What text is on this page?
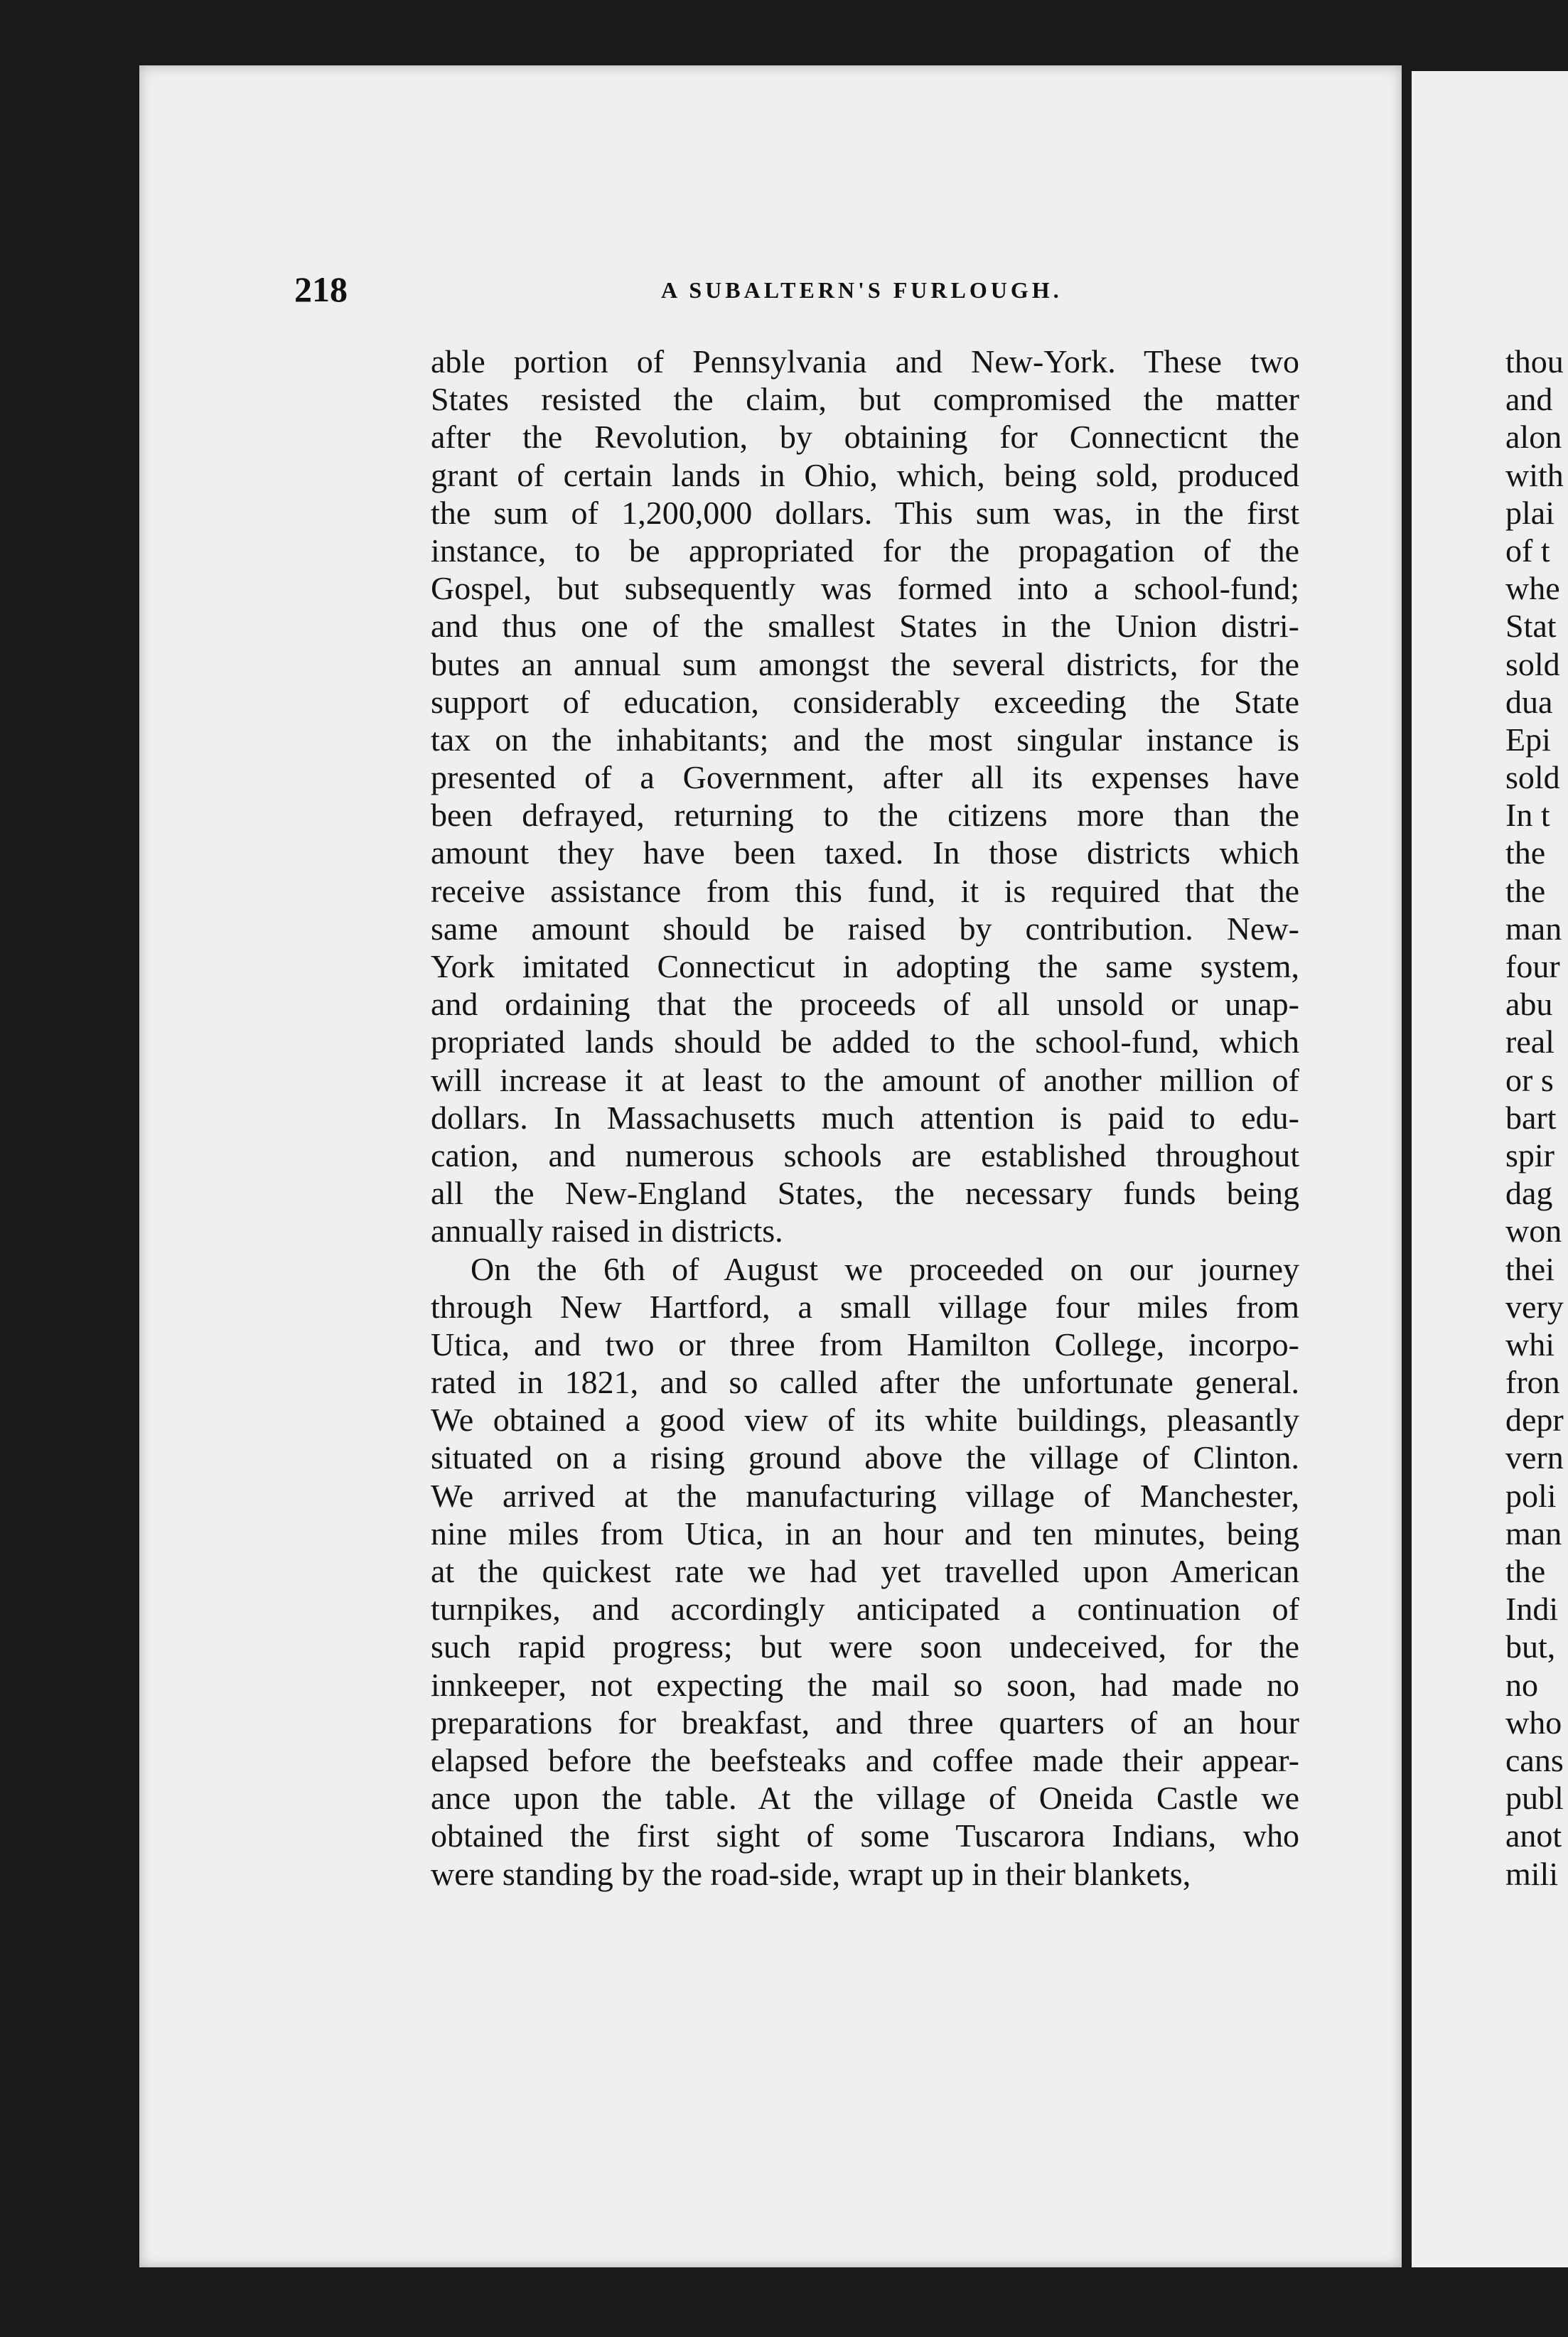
218	A SUBALTERN'S FURLOUGH.
able portion of Pennsylvania and New-York. These two
States resisted the claim, but compromised the matter
after the Revolution, by obtaining for Connecticnt the
grant of certain lands in Ohio, which, being sold, produced
the sum of 1,200,000 dollars. This sum was, in the first
instance, to be appropriated for the propagation of the
Gospel, but subsequently was formed into a school-fund;
and thus one of the smallest States in the Union distri-
butes an annual sum amongst the several districts, for the
support of education, considerably exceeding the State
tax on the inhabitants; and the most singular instance is
presented of a Government, after all its expenses have
been defrayed, returning to the citizens more than the
amount they have been taxed. In those districts which
receive assistance from this fund, it is required that the
same amount should be raised by contribution. New-
York imitated Connecticut in adopting the same system,
and ordaining that the proceeds of all unsold or unap-
propriated lands should be added to the school-fund, which
will increase it at least to the amount of another million of
dollars. In Massachusetts much attention is paid to edu-
cation, and numerous schools are established throughout
all the New-England States, the necessary funds being
annually raised in districts.
On the 6th of August we proceeded on our journey
through New Hartford, a small village four miles from
Utica, and two or three from Hamilton College, incorpo-
rated in 1821, and so called after the unfortunate general.
We obtained a good view of its white buildings, pleasantly
situated on a rising ground above the village of Clinton.
We arrived at the manufacturing village of Manchester,
nine miles from Utica, in an hour and ten minutes, being
at the quickest rate we had yet travelled upon American
turnpikes, and accordingly anticipated a continuation of
such rapid progress; but were soon undeceived, for the
innkeeper, not expecting the mail so soon, had made no
preparations for breakfast, and three quarters of an hour
elapsed before the beefsteaks and coffee made their appear-
ance upon the table. At the village of Oneida Castle we
obtained the first sight of some Tuscarora Indians, who
were standing by the road-side, wrapt up in their blankets,
thou
and
alon
with
plai
of t
whe
Stat
sold
dua
Epi
sold
In t
the
the
man
four
abu
real
or s
bart
spir
dag
won
thei
very
whi
fron
depr
vern
poli
man
the
Indi
but,
no
who
cans
publ
anot
mili
